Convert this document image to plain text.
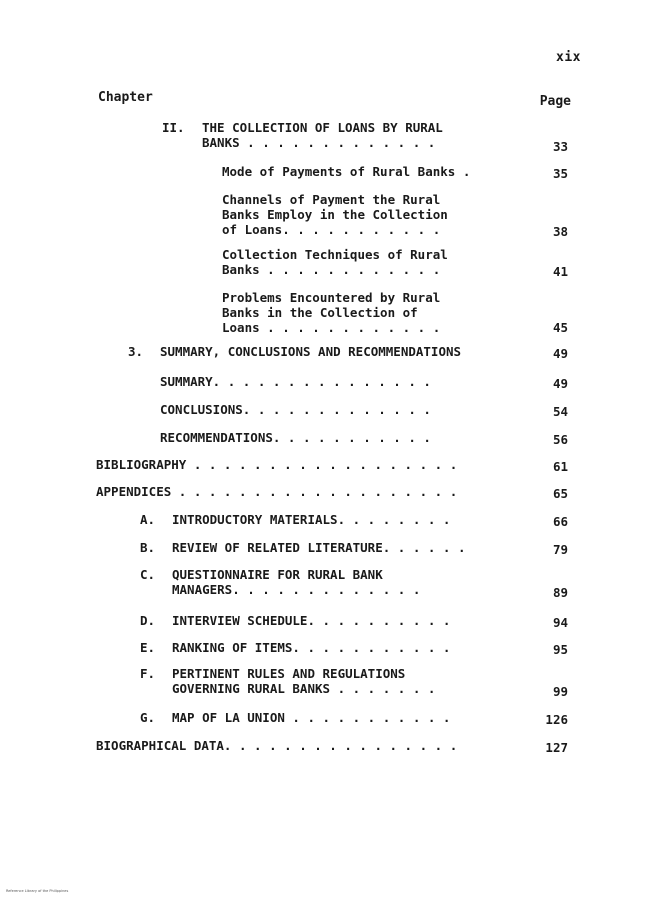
xix
Chapter	Page
II. THE COLLECTION OF LOANS BY RURAL
BANKS . . . . . . . . . . . . .	33
Mode of Payments of Rural Banks .	35
Channels of Payment the Rural
Banks Employ in the Collection
of Loans. . . . . . . . . . .	38
Collection Techniques of Rural
Banks . . . . . . . . . . . .	41
Problems Encountered by Rural
Banks in the Collection of
Loans . . . . . . . . . . . .	45
3. SUMMARY, CONCLUSIONS AND RECOMMENDATIONS	49
SUMMARY. . . . . . . . . . . . . . .	49
CONCLUSIONS. . . . . . . . . . . . .	54
RECOMMENDATIONS. . . . . . . . . . .	56
BIBLIOGRAPHY . . . . . . . . . . . . . . . . . .	61
APPENDICES . . . . . . . . . . . . . . . . . . .	65
A. INTRODUCTORY MATERIALS. . . . . . . .	66
B. REVIEW OF RELATED LITERATURE. . . . . .	79
C. QUESTIONNAIRE FOR RURAL BANK
MANAGERS. . . . . . . . . . . . .	89
D. INTERVIEW SCHEDULE. . . . . . . . . .	94
E. RANKING OF ITEMS. . . . . . . . . . .	95
F. PERTINENT RULES AND REGULATIONS
GOVERNING RURAL BANKS . . . . . . .	99
G. MAP OF LA UNION . . . . . . . . . . .	126
BIOGRAPHICAL DATA. . . . . . . . . . . . . . . .	127
Reference Library of the Philippines
